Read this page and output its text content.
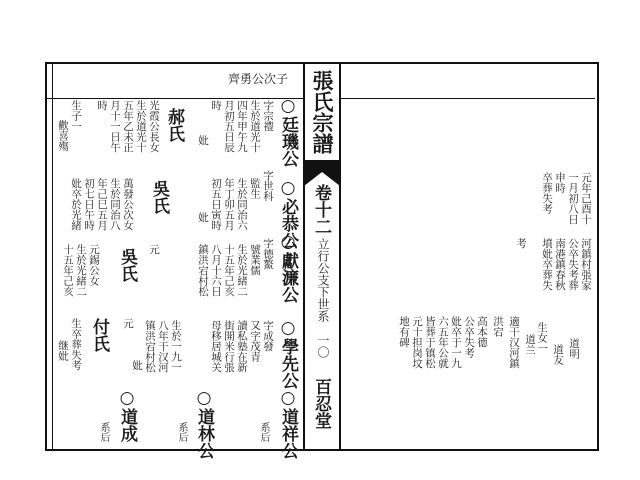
張氏宗譜
卷十二
立行公支下世系
一〇
百忍堂
子次公勇齊
○廷璣公
○必恭公
○獻濂公
○學先公
字宗禮
生於道光十
四年甲午九
月初五日辰
時
妣
字世科
監生
生於同治六
年丁卯五月
初五日寅時
妣
字德鰲
號業儒
生於光緒二
十五年己亥
八月十六日
鎮洪宕村松
字成發
又字茂青
讀私塾在新
街開米行張
母移居城关
郝氏
光霞公長女
生於道光十
五年乙未正
月十一日午
時
吳氏
萬發公次女
生於同治八
年己巳五月
初七日午時
妣卒於光緒
吳氏
元錫公女
生於光緒二
十五年己亥
付氏
生卒葬失考
继妣
生子一
歡喜殤
○道祥公
系后
○道林公
系后
○道成
系后
元年己酉十
一月初八日
申時
卒葬失考
河鎮村張家
公卒失考葬
南港鎮春秋
墳妣卒葬失
考
道明
道友
生女一
道兰
適干汉河鎮
洪宕
高本德
公卒失考
妣卒于一九
六五年公就
皆葬于镇松
元十担岗坟
地有碑
元
元	生於一九一
八年干汉河
镇洪宕村松
妣
